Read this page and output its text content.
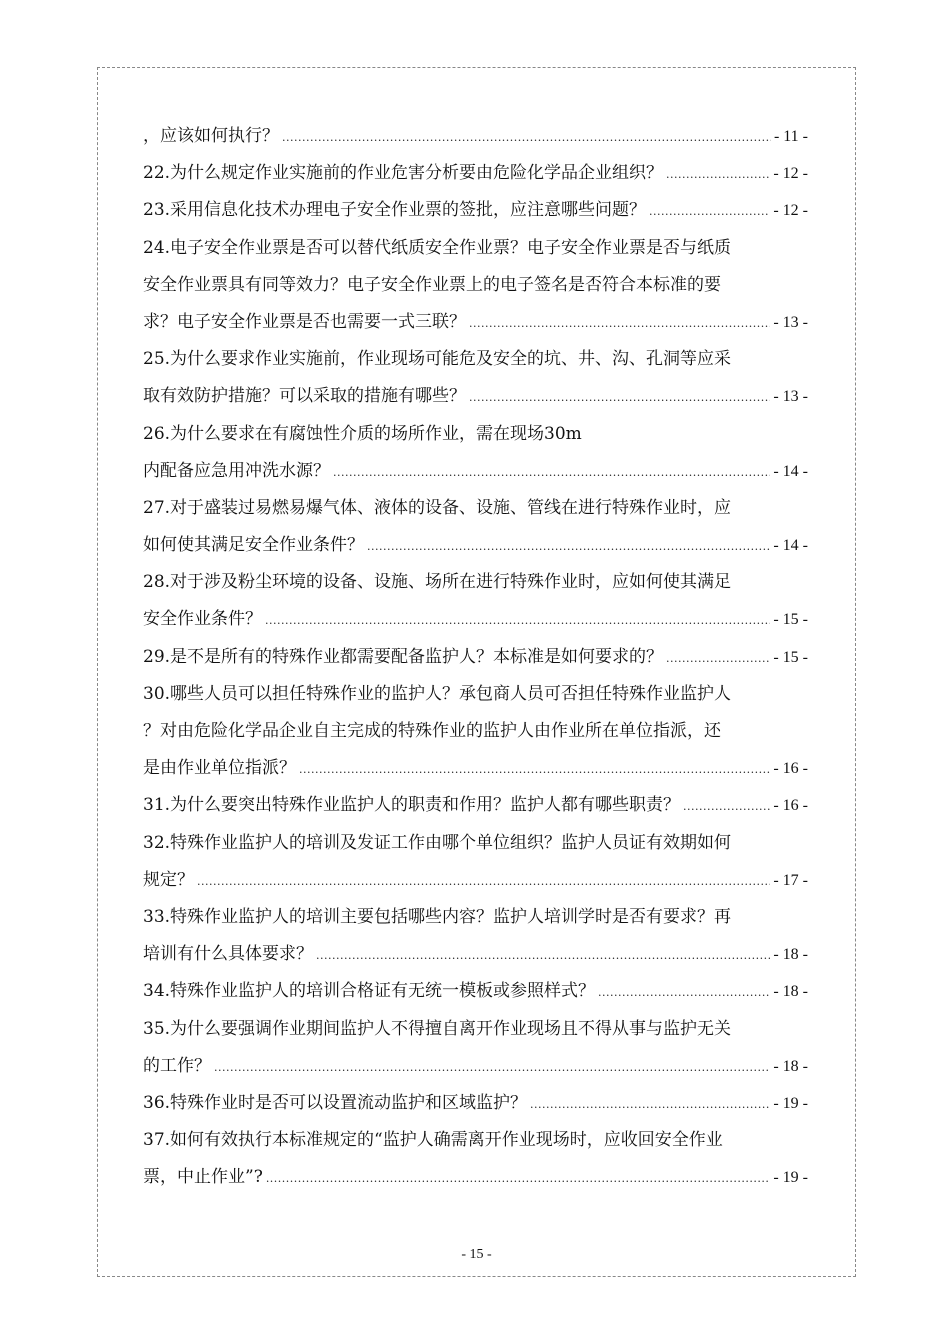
，应该如何执行？ .....	- 11 -
22.为什么规定作业实施前的作业危害分析要由危险化学品企业组织？ .....	- 12 -
23.采用信息化技术办理电子安全作业票的签批，应注意哪些问题？ .....	- 12 -
24.电子安全作业票是否可以替代纸质安全作业票？电子安全作业票是否与纸质
安全作业票具有同等效力？电子安全作业票上的电子签名是否符合本标准的要
求？电子安全作业票是否也需要一式三联？ .....	- 13 -
25.为什么要求作业实施前，作业现场可能危及安全的坑、井、沟、孔洞等应采
取有效防护措施？可以采取的措施有哪些？ .....	- 13 -
26.为什么要求在有腐蚀性介质的场所作业，需在现场30m
内配备应急用冲洗水源？ .....	- 14 -
27.对于盛装过易燃易爆气体、液体的设备、设施、管线在进行特殊作业时，应
如何使其满足安全作业条件？ .....	- 14 -
28.对于涉及粉尘环境的设备、设施、场所在进行特殊作业时，应如何使其满足
安全作业条件？ .....	- 15 -
29.是不是所有的特殊作业都需要配备监护人？本标准是如何要求的？ .....	- 15 -
30.哪些人员可以担任特殊作业的监护人？承包商人员可否担任特殊作业监护人
？对由危险化学品企业自主完成的特殊作业的监护人由作业所在单位指派，还
是由作业单位指派？ .....	- 16 -
31.为什么要突出特殊作业监护人的职责和作用？监护人都有哪些职责？ .....	- 16 -
32.特殊作业监护人的培训及发证工作由哪个单位组织？监护人员证有效期如何
规定？ .....	- 17 -
33.特殊作业监护人的培训主要包括哪些内容？监护人培训学时是否有要求？再
培训有什么具体要求？ .....	- 18 -
34.特殊作业监护人的培训合格证有无统一模板或参照样式？ .....	- 18 -
35.为什么要强调作业期间监护人不得擅自离开作业现场且不得从事与监护无关
的工作？ .....	- 18 -
36.特殊作业时是否可以设置流动监护和区域监护？ .....	- 19 -
37.如何有效执行本标准规定的“监护人确需离开作业现场时，应收回安全作业
票，中止作业”? .....	- 19 -
- 15 -
